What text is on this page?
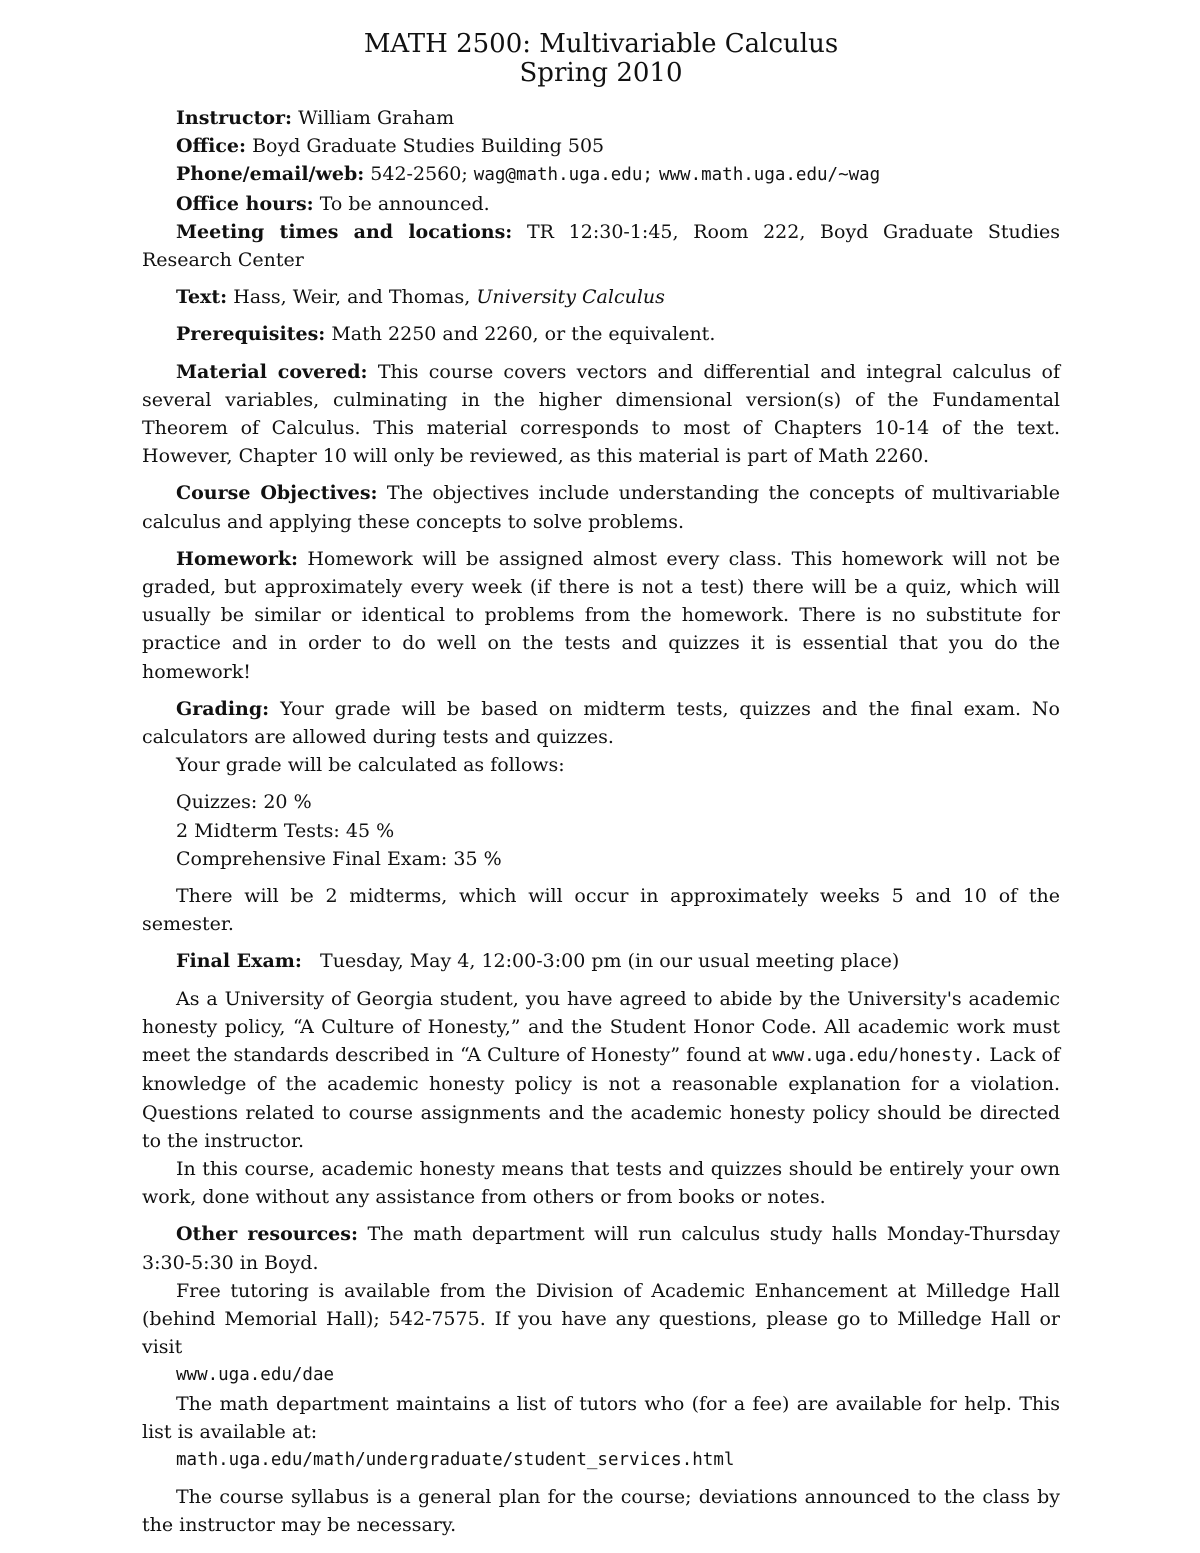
MATH 2500: Multivariable Calculus
Spring 2010

Instructor: William Graham

Office: Boyd Graduate Studies Building 505

Phone/email/web: 542-2560; wag@math.uga.edu; www.math.uga.edu/~wag

Office hours: To be announced.

Meeting times and locations: TR 12:30-1:45, Room 222, Boyd Graduate Studies Research Center

Text: Hass, Weir, and Thomas, University Calculus

Prerequisites: Math 2250 and 2260, or the equivalent.

Material covered: This course covers vectors and differential and integral calculus of several variables, culminating in the higher dimensional version(s) of the Fundamental Theorem of Calculus. This material corresponds to most of Chapters 10-14 of the text. However, Chapter 10 will only be reviewed, as this material is part of Math 2260.

Course Objectives: The objectives include understanding the concepts of multivariable calculus and applying these concepts to solve problems.

Homework: Homework will be assigned almost every class. This homework will not be graded, but approximately every week (if there is not a test) there will be a quiz, which will usually be similar or identical to problems from the homework. There is no substitute for practice and in order to do well on the tests and quizzes it is essential that you do the homework!

Grading: Your grade will be based on midterm tests, quizzes and the final exam. No calculators are allowed during tests and quizzes.

Your grade will be calculated as follows:

Quizzes: 20 %

2 Midterm Tests: 45 %

Comprehensive Final Exam: 35 %

There will be 2 midterms, which will occur in approximately weeks 5 and 10 of the semester.

Final Exam: Tuesday, May 4, 12:00-3:00 pm (in our usual meeting place)

As a University of Georgia student, you have agreed to abide by the University's academic honesty policy, “A Culture of Honesty,” and the Student Honor Code. All academic work must meet the standards described in “A Culture of Honesty” found at www.uga.edu/honesty. Lack of knowledge of the academic honesty policy is not a reasonable explanation for a violation. Questions related to course assignments and the academic honesty policy should be directed to the instructor.

In this course, academic honesty means that tests and quizzes should be entirely your own work, done without any assistance from others or from books or notes.

Other resources: The math department will run calculus study halls Monday-Thursday 3:30-5:30 in Boyd.

Free tutoring is available from the Division of Academic Enhancement at Milledge Hall (behind Memorial Hall); 542-7575. If you have any questions, please go to Milledge Hall or visit

www.uga.edu/dae

The math department maintains a list of tutors who (for a fee) are available for help. This list is available at:

math.uga.edu/math/undergraduate/student_services.html

The course syllabus is a general plan for the course; deviations announced to the class by the instructor may be necessary.
